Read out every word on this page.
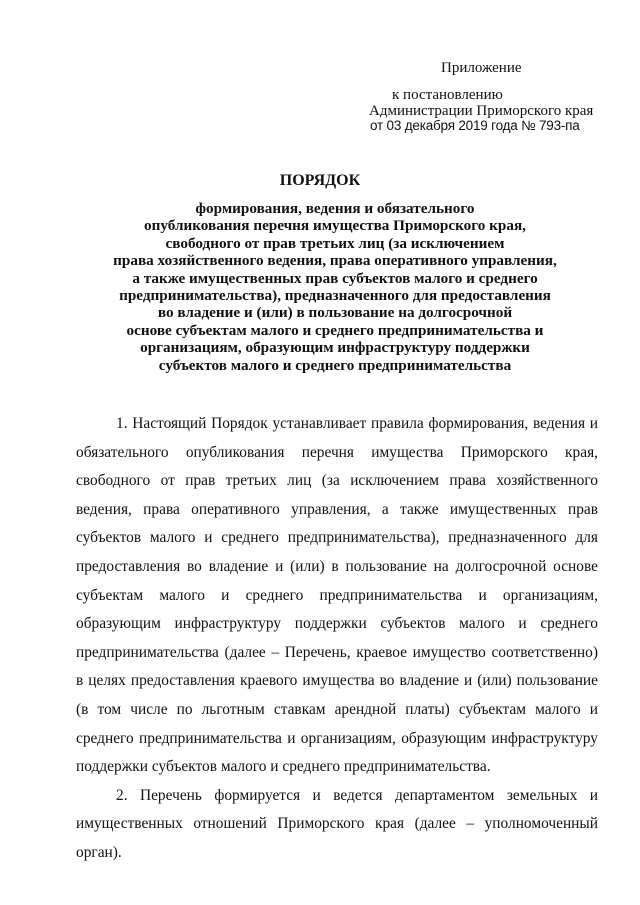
Приложение
к постановлению
Администрации Приморского края
от 03 декабря 2019 года № 793-па
ПОРЯДОК
формирования, ведения и обязательного
опубликования перечня имущества Приморского края,
свободного от прав третьих лиц (за исключением
права хозяйственного ведения, права оперативного управления,
а также имущественных прав субъектов малого и среднего
предпринимательства), предназначенного для предоставления
во владение и (или) в пользование на долгосрочной
основе субъектам малого и среднего предпринимательства и
организациям, образующим инфраструктуру поддержки
субъектов малого и среднего предпринимательства

1. Настоящий Порядок устанавливает правила формирования, ведения и обязательного опубликования перечня имущества Приморского края, свободного от прав третьих лиц (за исключением права хозяйственного ведения, права оперативного управления, а также имущественных прав субъектов малого и среднего предпринимательства), предназначенного для предоставления во владение и (или) в пользование на долгосрочной основе субъектам малого и среднего предпринимательства и организациям, образующим инфраструктуру поддержки субъектов малого и среднего предпринимательства (далее – Перечень, краевое имущество соответственно) в целях предоставления краевого имущества во владение и (или) пользование (в том числе по льготным ставкам арендной платы) субъектам малого и среднего предпринимательства и организациям, образующим инфраструктуру поддержки субъектов малого и среднего предпринимательства.

2. Перечень формируется и ведется департаментом земельных и имущественных отношений Приморского края (далее – уполномоченный орган).
